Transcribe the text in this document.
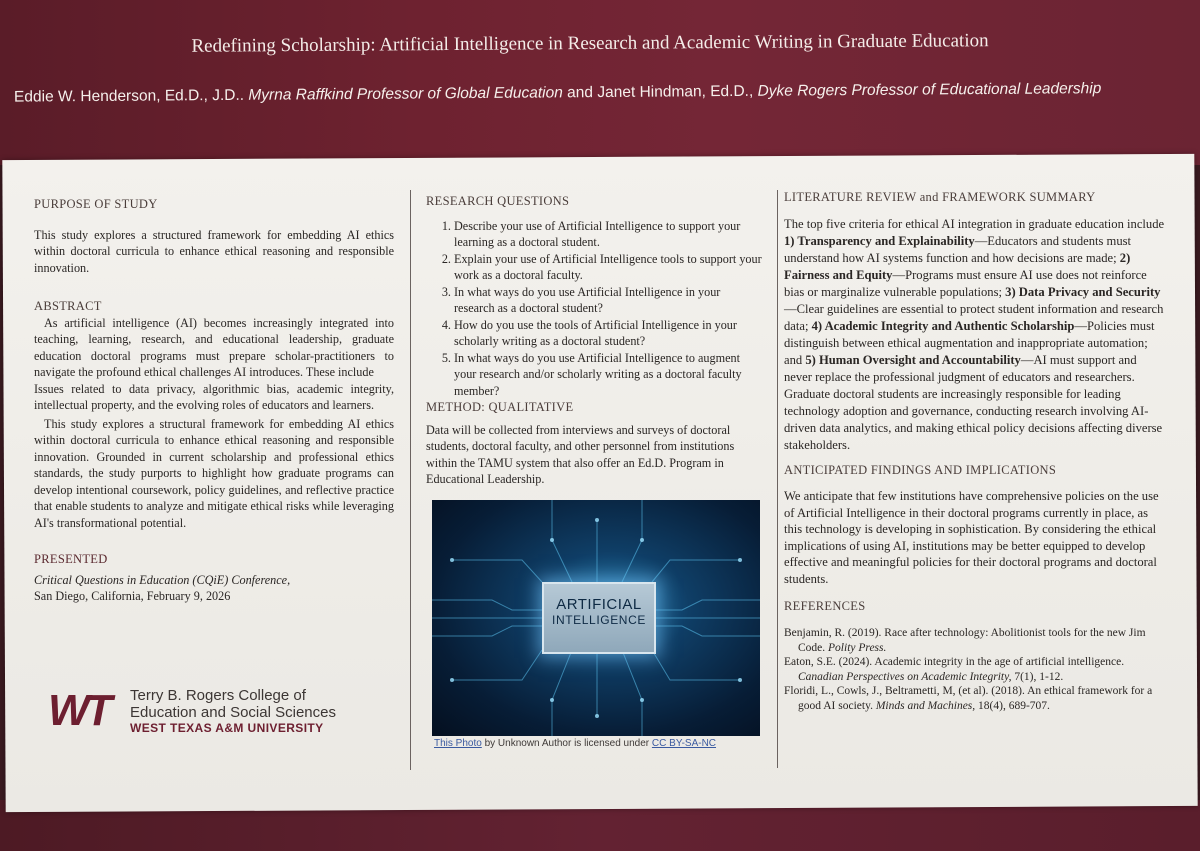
Redefining Scholarship: Artificial Intelligence in Research and Academic Writing in Graduate Education
Eddie W. Henderson, Ed.D., J.D.. Myrna Raffkind Professor of Global Education and Janet Hindman, Ed.D., Dyke Rogers Professor of Educational Leadership
PURPOSE OF STUDY

This study explores a structured framework for embedding AI ethics within doctoral curricula to enhance ethical reasoning and responsible innovation.

ABSTRACT

As artificial intelligence (AI) becomes increasingly integrated into teaching, learning, research, and educational leadership, graduate education doctoral programs must prepare scholar-practitioners to navigate the profound ethical challenges AI introduces. These include

Issues related to data privacy, algorithmic bias, academic integrity, intellectual property, and the evolving roles of educators and learners.

This study explores a structural framework for embedding AI ethics within doctoral curricula to enhance ethical reasoning and responsible innovation. Grounded in current scholarship and professional ethics standards, the study purports to highlight how graduate programs can develop intentional coursework, policy guidelines, and reflective practice that enable students to analyze and mitigate ethical risks while leveraging AI's transformational potential.

PRESENTED

Critical Questions in Education (CQiE) Conference,

San Diego, California, February 9, 2026

WT Terry B. Rogers College of
Education and Social Sciences
WEST TEXAS A&M UNIVERSITY
RESEARCH QUESTIONS
1. Describe your use of Artificial Intelligence to support your learning as a doctoral student.
2. Explain your use of Artificial Intelligence tools to support your work as a doctoral faculty.
3. In what ways do you use Artificial Intelligence in your research as a doctoral student?
4. How do you use the tools of Artificial Intelligence in your scholarly writing as a doctoral student?
5. In what ways do you use Artificial Intelligence to augment your research and/or scholarly writing as a doctoral faculty member?
METHOD: QUALITATIVE

Data will be collected from interviews and surveys of doctoral students, doctoral faculty, and other personnel from institutions within the TAMU system that also offer an Ed.D. Program in Educational Leadership.

ARTIFICIAL
INTELLIGENCE
This Photo by Unknown Author is licensed under CC BY-SA-NC
LITERATURE REVIEW and FRAMEWORK SUMMARY

The top five criteria for ethical AI integration in graduate education include 1) Transparency and Explainability—Educators and students must understand how AI systems function and how decisions are made; 2) Fairness and Equity—Programs must ensure AI use does not reinforce bias or marginalize vulnerable populations; 3) Data Privacy and Security—Clear guidelines are essential to protect student information and research data; 4) Academic Integrity and Authentic Scholarship—Policies must distinguish between ethical augmentation and inappropriate automation; and 5) Human Oversight and Accountability—AI must support and never replace the professional judgment of educators and researchers. Graduate doctoral students are increasingly responsible for leading technology adoption and governance, conducting research involving AI-driven data analytics, and making ethical policy decisions affecting diverse stakeholders.

ANTICIPATED FINDINGS AND IMPLICATIONS

We anticipate that few institutions have comprehensive policies on the use of Artificial Intelligence in their doctoral programs currently in place, as this technology is developing in sophistication. By considering the ethical implications of using AI, institutions may be better equipped to develop effective and meaningful policies for their doctoral programs and doctoral students.

REFERENCES

Benjamin, R. (2019). Race after technology: Abolitionist tools for the new Jim Code. Polity Press.

Eaton, S.E. (2024). Academic integrity in the age of artificial intelligence. Canadian Perspectives on Academic Integrity, 7(1), 1-12.

Floridi, L., Cowls, J., Beltrametti, M, (et al). (2018). An ethical framework for a good AI society. Minds and Machines, 18(4), 689-707.
